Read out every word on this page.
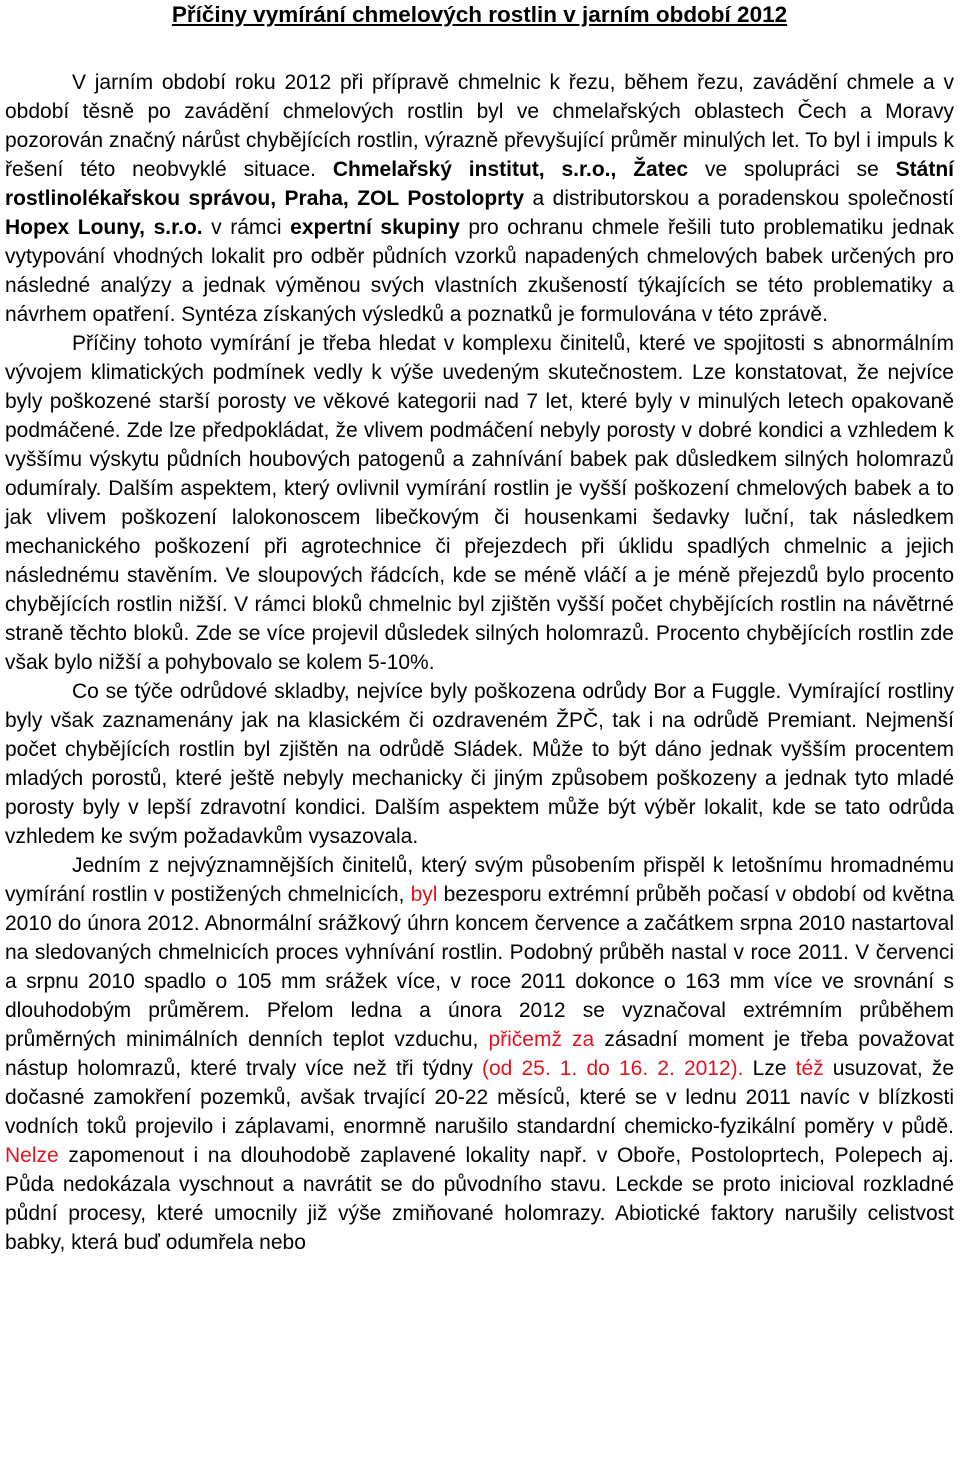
Příčiny vymírání chmelových rostlin v jarním období 2012

V jarním období roku 2012 při přípravě chmelnic k řezu, během řezu, zavádění chmele a v období těsně po zavádění chmelových rostlin byl ve chmelařských oblastech Čech a Moravy pozorován značný nárůst chybějících rostlin, výrazně převyšující průměr minulých let. To byl i impuls k řešení této neobvyklé situace. Chmelařský institut, s.r.o., Žatec ve spolupráci se Státní rostlinolékařskou správou, Praha, ZOL Postoloprty a distributorskou a poradenskou společností Hopex Louny, s.r.o. v rámci expertní skupiny pro ochranu chmele řešili tuto problematiku jednak vytypování vhodných lokalit pro odběr půdních vzorků napadených chmelových babek určených pro následné analýzy a jednak výměnou svých vlastních zkušeností týkajících se této problematiky a návrhem opatření. Syntéza získaných výsledků a poznatků je formulována v této zprávě.

Příčiny tohoto vymírání je třeba hledat v komplexu činitelů, které ve spojitosti s abnormálním vývojem klimatických podmínek vedly k výše uvedeným skutečnostem. Lze konstatovat, že nejvíce byly poškozené starší porosty ve věkové kategorii nad 7 let, které byly v minulých letech opakovaně podmáčené. Zde lze předpokládat, že vlivem podmáčení nebyly porosty v dobré kondici a vzhledem k vyššímu výskytu půdních houbových patogenů a zahnívání babek pak důsledkem silných holomrazů odumíraly. Dalším aspektem, který ovlivnil vymírání rostlin je vyšší poškození chmelových babek a to jak vlivem poškození lalokonoscem libečkovým či housenkami šedavky luční, tak následkem mechanického poškození při agrotechnice či přejezdech při úklidu spadlých chmelnic a jejich následnému stavěním. Ve sloupových řádcích, kde se méně vláčí a je méně přejezdů bylo procento chybějících rostlin nižší. V rámci bloků chmelnic byl zjištěn vyšší počet chybějících rostlin na návětrné straně těchto bloků. Zde se více projevil důsledek silných holomrazů. Procento chybějících rostlin zde však bylo nižší a pohybovalo se kolem 5-10%.

Co se týče odrůdové skladby, nejvíce byly poškozena odrůdy Bor a Fuggle. Vymírající rostliny byly však zaznamenány jak na klasickém či ozdraveném ŽPČ, tak i na odrůdě Premiant. Nejmenší počet chybějících rostlin byl zjištěn na odrůdě Sládek. Může to být dáno jednak vyšším procentem mladých porostů, které ještě nebyly mechanicky či jiným způsobem poškozeny a jednak tyto mladé porosty byly v lepší zdravotní kondici. Dalším aspektem může být výběr lokalit, kde se tato odrůda vzhledem ke svým požadavkům vysazovala.

Jedním z nejvýznamnějších činitelů, který svým působením přispěl k letošnímu hromadnému vymírání rostlin v postižených chmelnicích, byl bezesporu extrémní průběh počasí v období od května 2010 do února 2012. Abnormální srážkový úhrn koncem července a začátkem srpna 2010 nastartoval na sledovaných chmelnicích proces vyhnívání rostlin. Podobný průběh nastal v roce 2011. V červenci a srpnu 2010 spadlo o 105 mm srážek více, v roce 2011 dokonce o 163 mm více ve srovnání s dlouhodobým průměrem. Přelom ledna a února 2012 se vyznačoval extrémním průběhem průměrných minimálních denních teplot vzduchu, přičemž za zásadní moment je třeba považovat nástup holomrazů, které trvaly více než tři týdny (od 25. 1. do 16. 2. 2012). Lze též usuzovat, že dočasné zamokření pozemků, avšak trvající 20-22 měsíců, které se v lednu 2011 navíc v blízkosti vodních toků projevilo i záplavami, enormně narušilo standardní chemicko-fyzikální poměry v půdě. Nelze zapomenout i na dlouhodobě zaplavené lokality např. v Oboře, Postoloprtech, Polepech aj. Půda nedokázala vyschnout a navrátit se do původního stavu. Leckde se proto inicioval rozkladné půdní procesy, které umocnily již výše zmiňované holomrazy. Abiotické faktory narušily celistvost babky, která buď odumřela nebo
